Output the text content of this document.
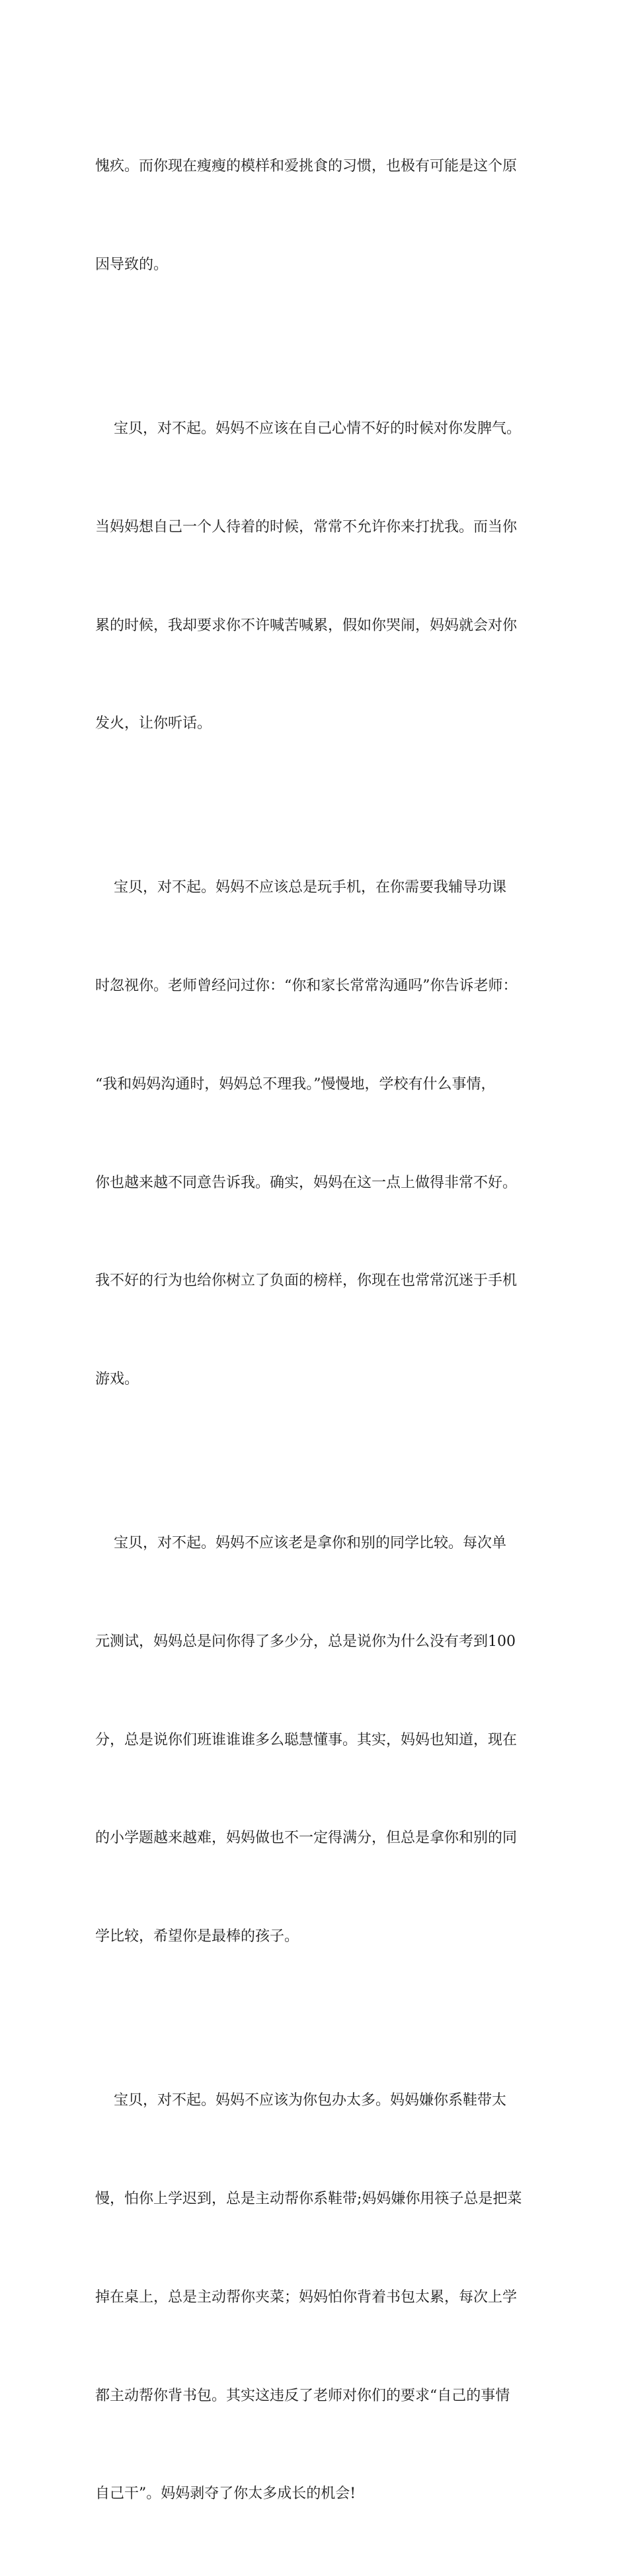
愧疚。而你现在瘦瘦的模样和爱挑食的习惯，也极有可能是这个原

因导致的。

宝贝，对不起。妈妈不应该在自己心情不好的时候对你发脾气。

当妈妈想自己一个人待着的时候，常常不允许你来打扰我。而当你

累的时候，我却要求你不许喊苦喊累，假如你哭闹，妈妈就会对你

发火，让你听话。

宝贝，对不起。妈妈不应该总是玩手机，在你需要我辅导功课

时忽视你。老师曾经问过你：“你和家长常常沟通吗”你告诉老师：

“我和妈妈沟通时，妈妈总不理我。”慢慢地，学校有什么事情，

你也越来越不同意告诉我。确实，妈妈在这一点上做得非常不好。

我不好的行为也给你树立了负面的榜样，你现在也常常沉迷于手机

游戏。

宝贝，对不起。妈妈不应该老是拿你和别的同学比较。每次单

元测试，妈妈总是问你得了多少分，总是说你为什么没有考到100

分，总是说你们班谁谁谁多么聪慧懂事。其实，妈妈也知道，现在

的小学题越来越难，妈妈做也不一定得满分，但总是拿你和别的同

学比较，希望你是最棒的孩子。

宝贝，对不起。妈妈不应该为你包办太多。妈妈嫌你系鞋带太

慢，怕你上学迟到，总是主动帮你系鞋带;妈妈嫌你用筷子总是把菜

掉在桌上，总是主动帮你夹菜；妈妈怕你背着书包太累，每次上学

都主动帮你背书包。其实这违反了老师对你们的要求“自己的事情

自己干”。妈妈剥夺了你太多成长的机会!
